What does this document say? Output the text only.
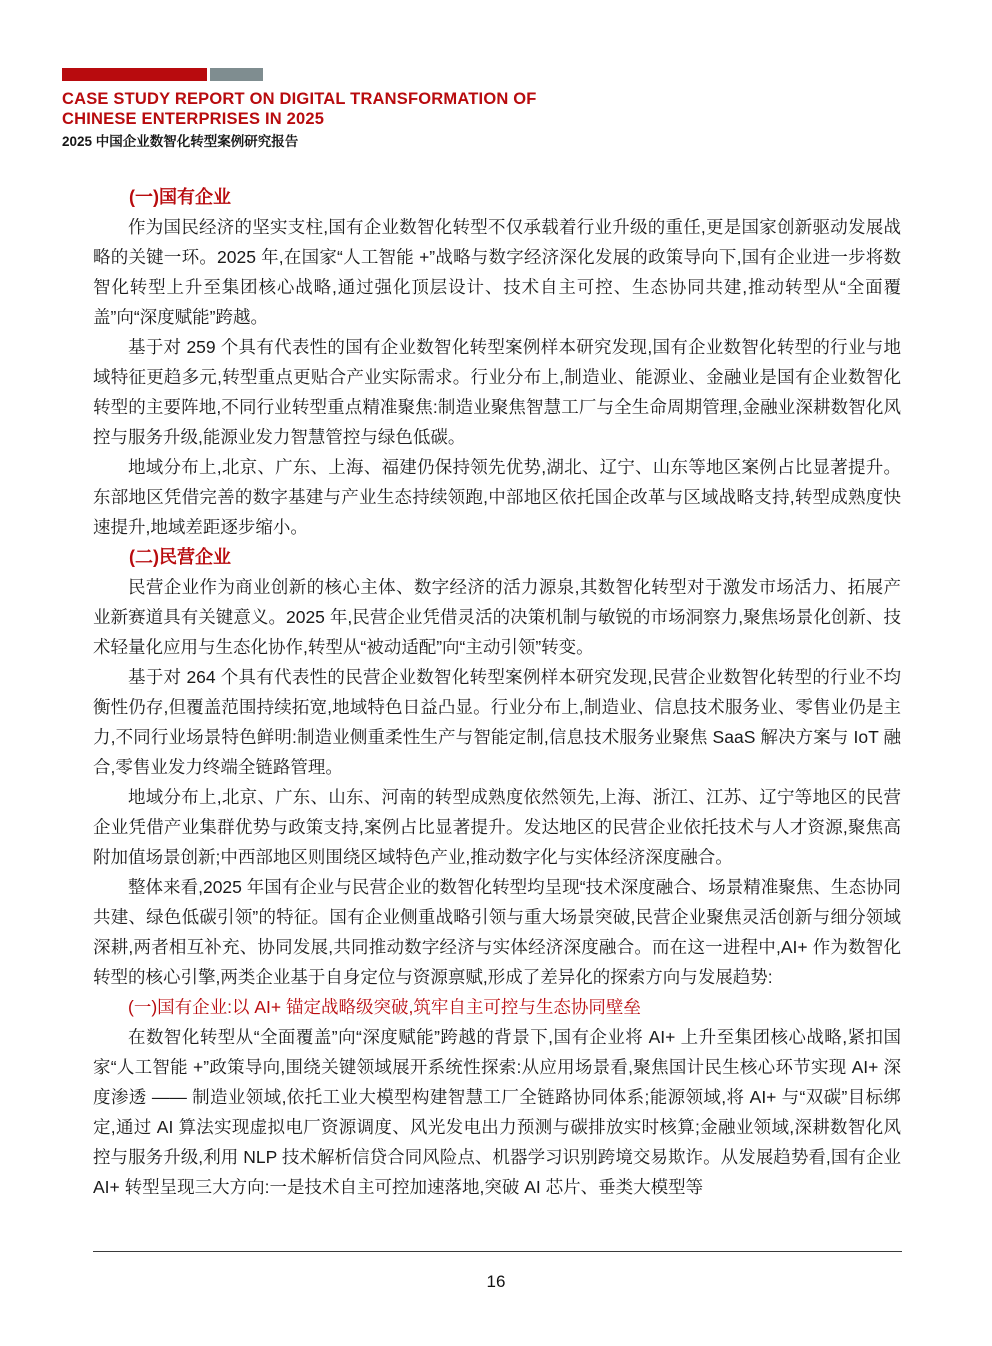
CASE STUDY REPORT ON DIGITAL TRANSFORMATION OF
CHINESE ENTERPRISES IN 2025
2025 中国企业数智化转型案例研究报告
(一)国有企业

作为国民经济的坚实支柱,国有企业数智化转型不仅承载着行业升级的重任,更是国家创新驱动发展战略的关键一环。2025 年,在国家“人工智能 +”战略与数字经济深化发展的政策导向下,国有企业进一步将数智化转型上升至集团核心战略,通过强化顶层设计、技术自主可控、生态协同共建,推动转型从“全面覆盖”向“深度赋能”跨越。

基于对 259 个具有代表性的国有企业数智化转型案例样本研究发现,国有企业数智化转型的行业与地域特征更趋多元,转型重点更贴合产业实际需求。行业分布上,制造业、能源业、金融业是国有企业数智化转型的主要阵地,不同行业转型重点精准聚焦:制造业聚焦智慧工厂与全生命周期管理,金融业深耕数智化风控与服务升级,能源业发力智慧管控与绿色低碳。

地域分布上,北京、广东、上海、福建仍保持领先优势,湖北、辽宁、山东等地区案例占比显著提升。东部地区凭借完善的数字基建与产业生态持续领跑,中部地区依托国企改革与区域战略支持,转型成熟度快速提升,地域差距逐步缩小。

(二)民营企业

民营企业作为商业创新的核心主体、数字经济的活力源泉,其数智化转型对于激发市场活力、拓展产业新赛道具有关键意义。2025 年,民营企业凭借灵活的决策机制与敏锐的市场洞察力,聚焦场景化创新、技术轻量化应用与生态化协作,转型从“被动适配”向“主动引领”转变。

基于对 264 个具有代表性的民营企业数智化转型案例样本研究发现,民营企业数智化转型的行业不均衡性仍存,但覆盖范围持续拓宽,地域特色日益凸显。行业分布上,制造业、信息技术服务业、零售业仍是主力,不同行业场景特色鲜明:制造业侧重柔性生产与智能定制,信息技术服务业聚焦 SaaS 解决方案与 IoT 融合,零售业发力终端全链路管理。

地域分布上,北京、广东、山东、河南的转型成熟度依然领先,上海、浙江、江苏、辽宁等地区的民营企业凭借产业集群优势与政策支持,案例占比显著提升。发达地区的民营企业依托技术与人才资源,聚焦高附加值场景创新;中西部地区则围绕区域特色产业,推动数字化与实体经济深度融合。

整体来看,2025 年国有企业与民营企业的数智化转型均呈现“技术深度融合、场景精准聚焦、生态协同共建、绿色低碳引领”的特征。国有企业侧重战略引领与重大场景突破,民营企业聚焦灵活创新与细分领域深耕,两者相互补充、协同发展,共同推动数字经济与实体经济深度融合。而在这一进程中,AI+ 作为数智化转型的核心引擎,两类企业基于自身定位与资源禀赋,形成了差异化的探索方向与发展趋势:

(一)国有企业:以 AI+ 锚定战略级突破,筑牢自主可控与生态协同壁垒

在数智化转型从“全面覆盖”向“深度赋能”跨越的背景下,国有企业将 AI+ 上升至集团核心战略,紧扣国家“人工智能 +”政策导向,围绕关键领域展开系统性探索:从应用场景看,聚焦国计民生核心环节实现 AI+ 深度渗透 —— 制造业领域,依托工业大模型构建智慧工厂全链路协同体系;能源领域,将 AI+ 与“双碳”目标绑定,通过 AI 算法实现虚拟电厂资源调度、风光发电出力预测与碳排放实时核算;金融业领域,深耕数智化风控与服务升级,利用 NLP 技术解析信贷合同风险点、机器学习识别跨境交易欺诈。从发展趋势看,国有企业 AI+ 转型呈现三大方向:一是技术自主可控加速落地,突破 AI 芯片、垂类大模型等

16
